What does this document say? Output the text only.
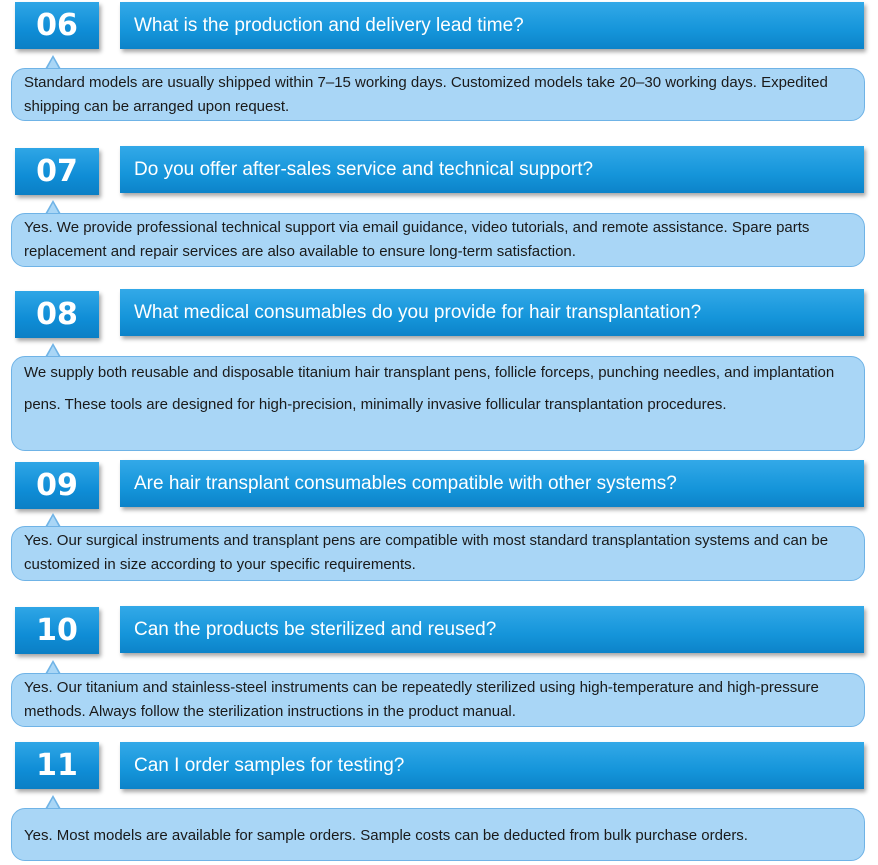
06	What is the production and delivery lead time?
Standard models are usually shipped within 7–15 working days. Customized models take 20–30 working days. Expedited shipping can be arranged upon request.
07	Do you offer after-sales service and technical support?
Yes. We provide professional technical support via email guidance, video tutorials, and remote assistance. Spare parts replacement and repair services are also available to ensure long-term satisfaction.
08	What medical consumables do you provide for hair transplantation?
We supply both reusable and disposable titanium hair transplant pens, follicle forceps, punching needles, and implantation pens. These tools are designed for high-precision, minimally invasive follicular transplantation procedures.
09	Are hair transplant consumables compatible with other systems?
Yes. Our surgical instruments and transplant pens are compatible with most standard transplantation systems and can be customized in size according to your specific requirements.
10	Can the products be sterilized and reused?
Yes. Our titanium and stainless-steel instruments can be repeatedly sterilized using high-temperature and high-pressure methods. Always follow the sterilization instructions in the product manual.
11	Can I order samples for testing?
Yes. Most models are available for sample orders. Sample costs can be deducted from bulk purchase orders.
